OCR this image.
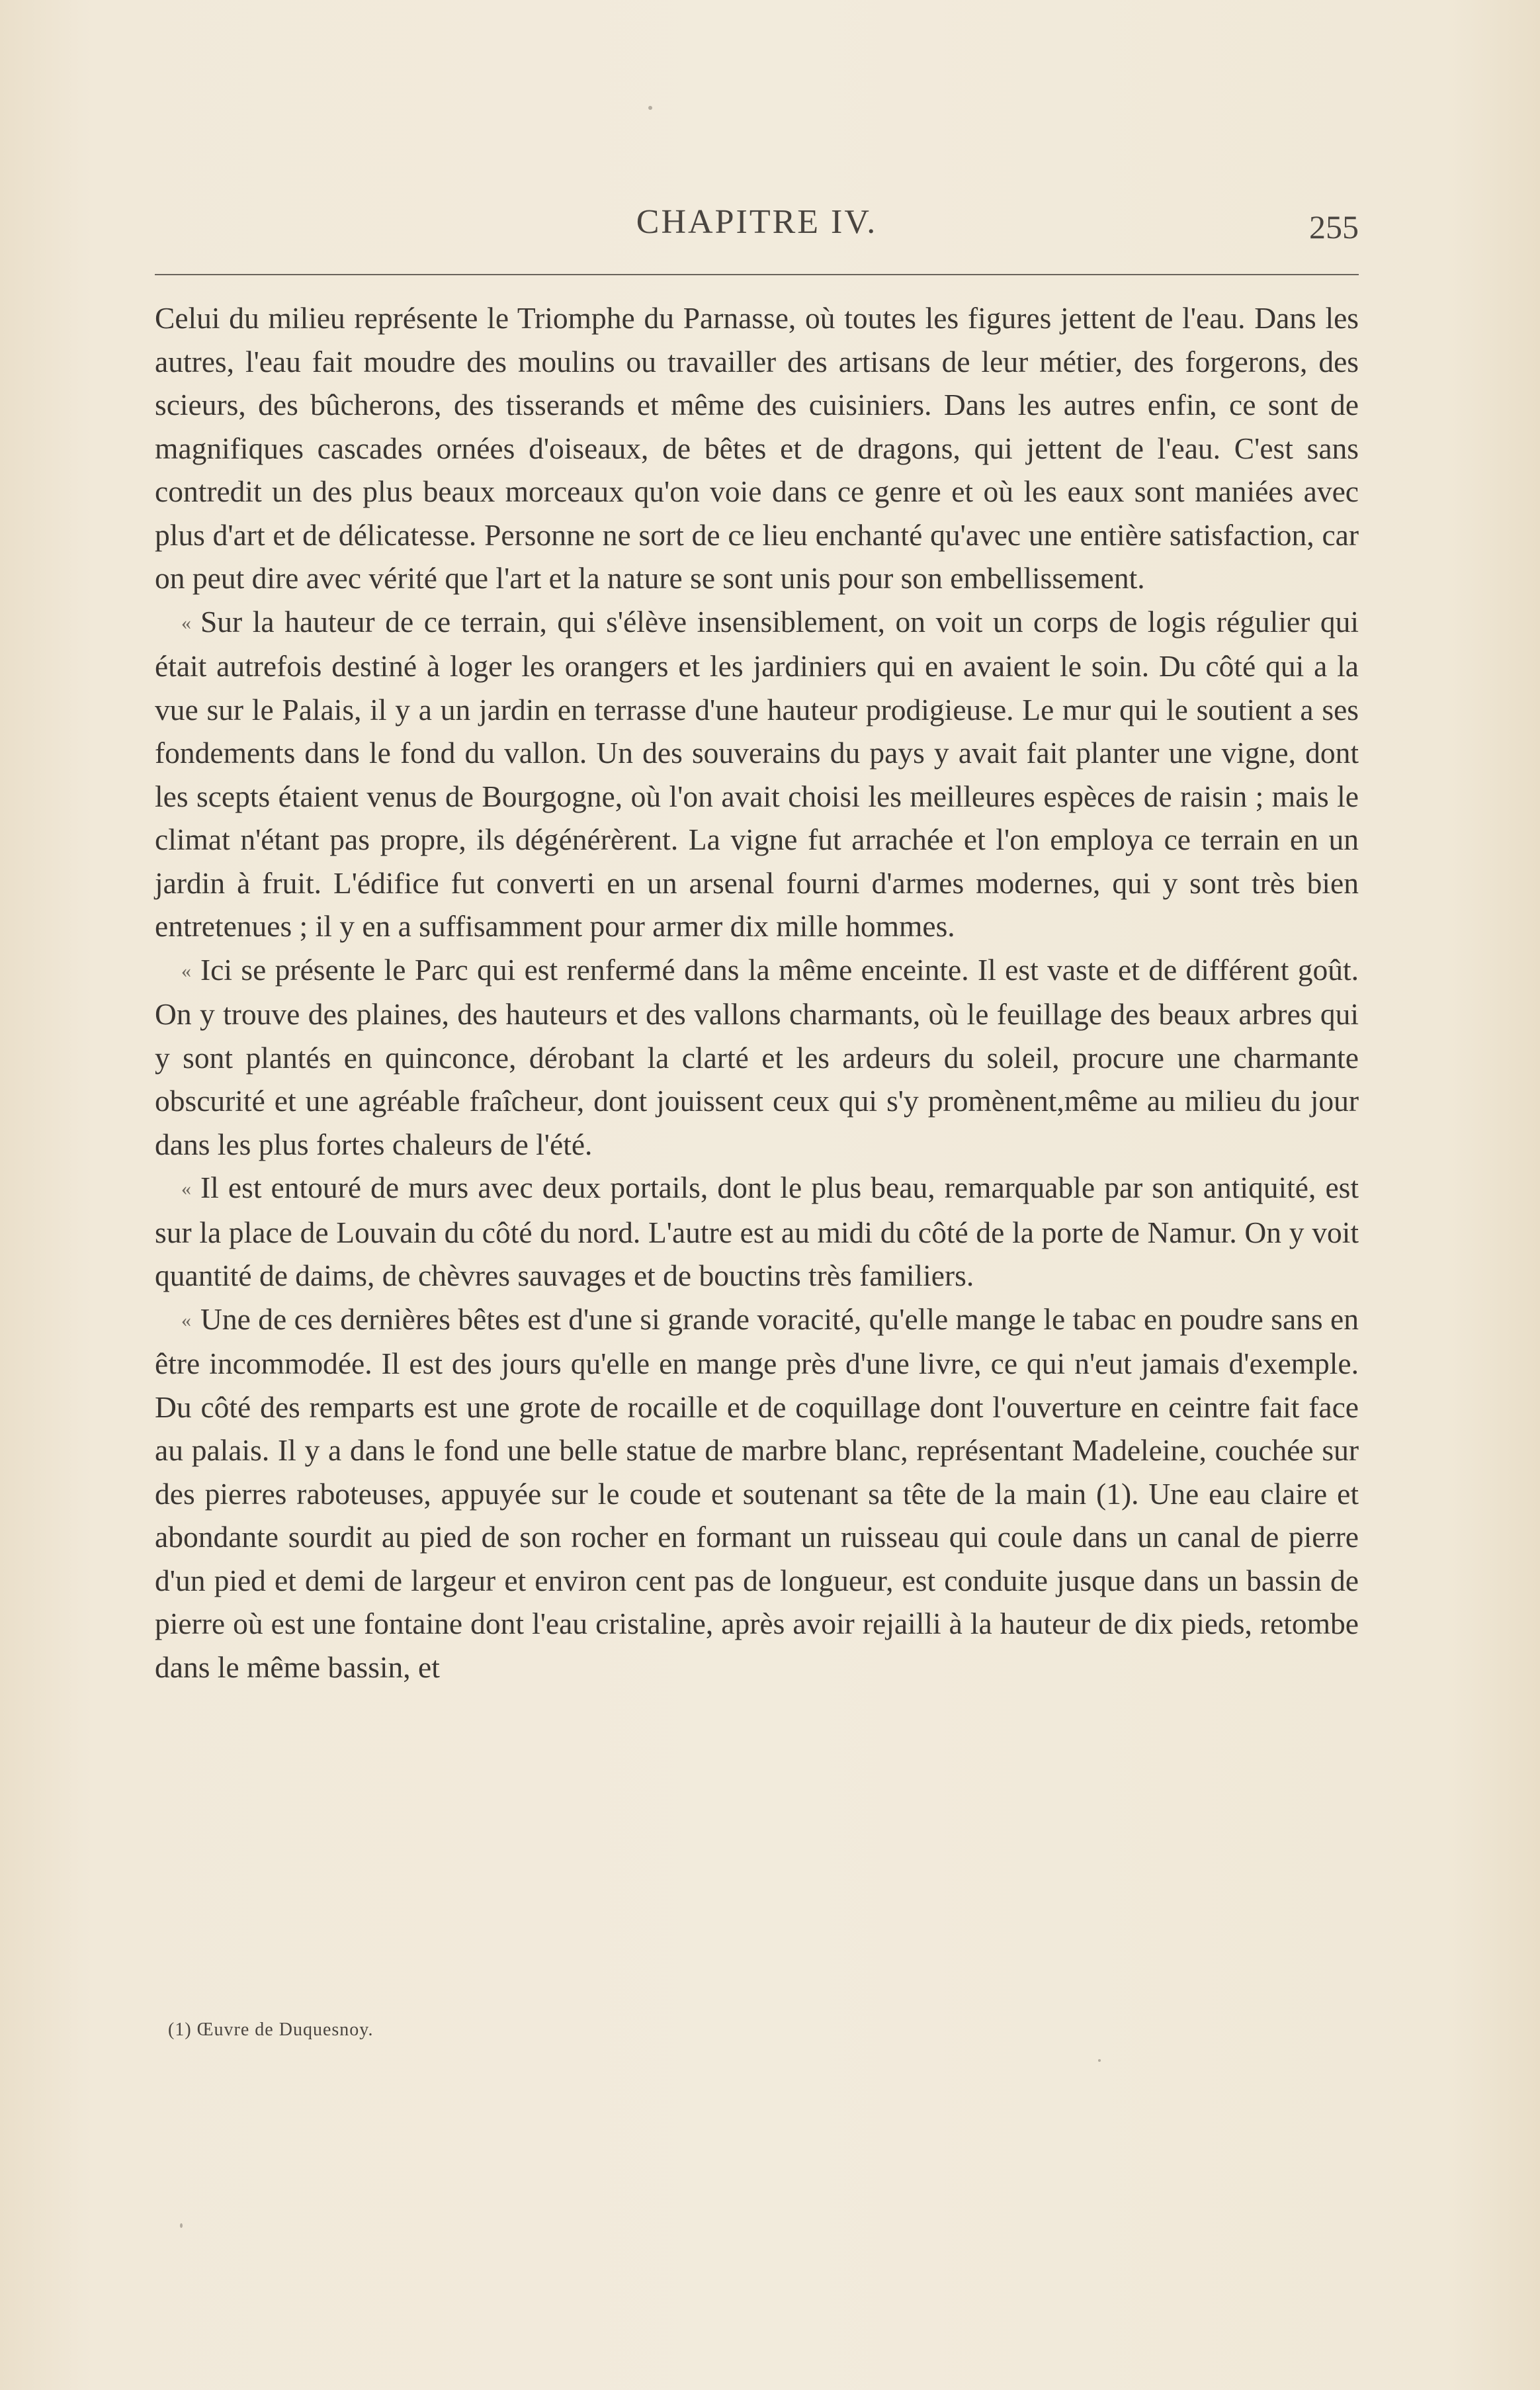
CHAPITRE IV.	255

Celui du milieu représente le Triomphe du Parnasse, où toutes les figures jettent de l'eau. Dans les autres, l'eau fait moudre des moulins ou travailler des artisans de leur métier, des forgerons, des scieurs, des bûcherons, des tisserands et même des cuisiniers. Dans les autres enfin, ce sont de magnifiques cascades ornées d'oiseaux, de bêtes et de dragons, qui jettent de l'eau. C'est sans contredit un des plus beaux morceaux qu'on voie dans ce genre et où les eaux sont maniées avec plus d'art et de délicatesse. Personne ne sort de ce lieu enchanté qu'avec une entière satisfaction, car on peut dire avec vérité que l'art et la nature se sont unis pour son embellissement.

« Sur la hauteur de ce terrain, qui s'élève insensiblement, on voit un corps de logis régulier qui était autrefois destiné à loger les orangers et les jardiniers qui en avaient le soin. Du côté qui a la vue sur le Palais, il y a un jardin en terrasse d'une hauteur prodigieuse. Le mur qui le soutient a ses fondements dans le fond du vallon. Un des souverains du pays y avait fait planter une vigne, dont les scepts étaient venus de Bourgogne, où l'on avait choisi les meilleures espèces de raisin ; mais le climat n'étant pas propre, ils dégénérèrent. La vigne fut arrachée et l'on employa ce terrain en un jardin à fruit. L'édifice fut converti en un arsenal fourni d'armes modernes, qui y sont très bien entretenues ; il y en a suffisamment pour armer dix mille hommes.

« Ici se présente le Parc qui est renfermé dans la même enceinte. Il est vaste et de différent goût. On y trouve des plaines, des hauteurs et des vallons charmants, où le feuillage des beaux arbres qui y sont plantés en quinconce, dérobant la clarté et les ardeurs du soleil, procure une charmante obscurité et une agréable fraîcheur, dont jouissent ceux qui s'y promènent,même au milieu du jour dans les plus fortes chaleurs de l'été.

« Il est entouré de murs avec deux portails, dont le plus beau, remarquable par son antiquité, est sur la place de Louvain du côté du nord. L'autre est au midi du côté de la porte de Namur. On y voit quantité de daims, de chèvres sauvages et de bouctins très familiers.

« Une de ces dernières bêtes est d'une si grande voracité, qu'elle mange le tabac en poudre sans en être incommodée. Il est des jours qu'elle en mange près d'une livre, ce qui n'eut jamais d'exemple. Du côté des remparts est une grote de rocaille et de coquillage dont l'ouverture en ceintre fait face au palais. Il y a dans le fond une belle statue de marbre blanc, représentant Madeleine, couchée sur des pierres raboteuses, appuyée sur le coude et soutenant sa tête de la main (1). Une eau claire et abondante sourdit au pied de son rocher en formant un ruisseau qui coule dans un canal de pierre d'un pied et demi de largeur et environ cent pas de longueur, est conduite jusque dans un bassin de pierre où est une fontaine dont l'eau cristaline, après avoir rejailli à la hauteur de dix pieds, retombe dans le même bassin, et

(1) Œuvre de Duquesnoy.
